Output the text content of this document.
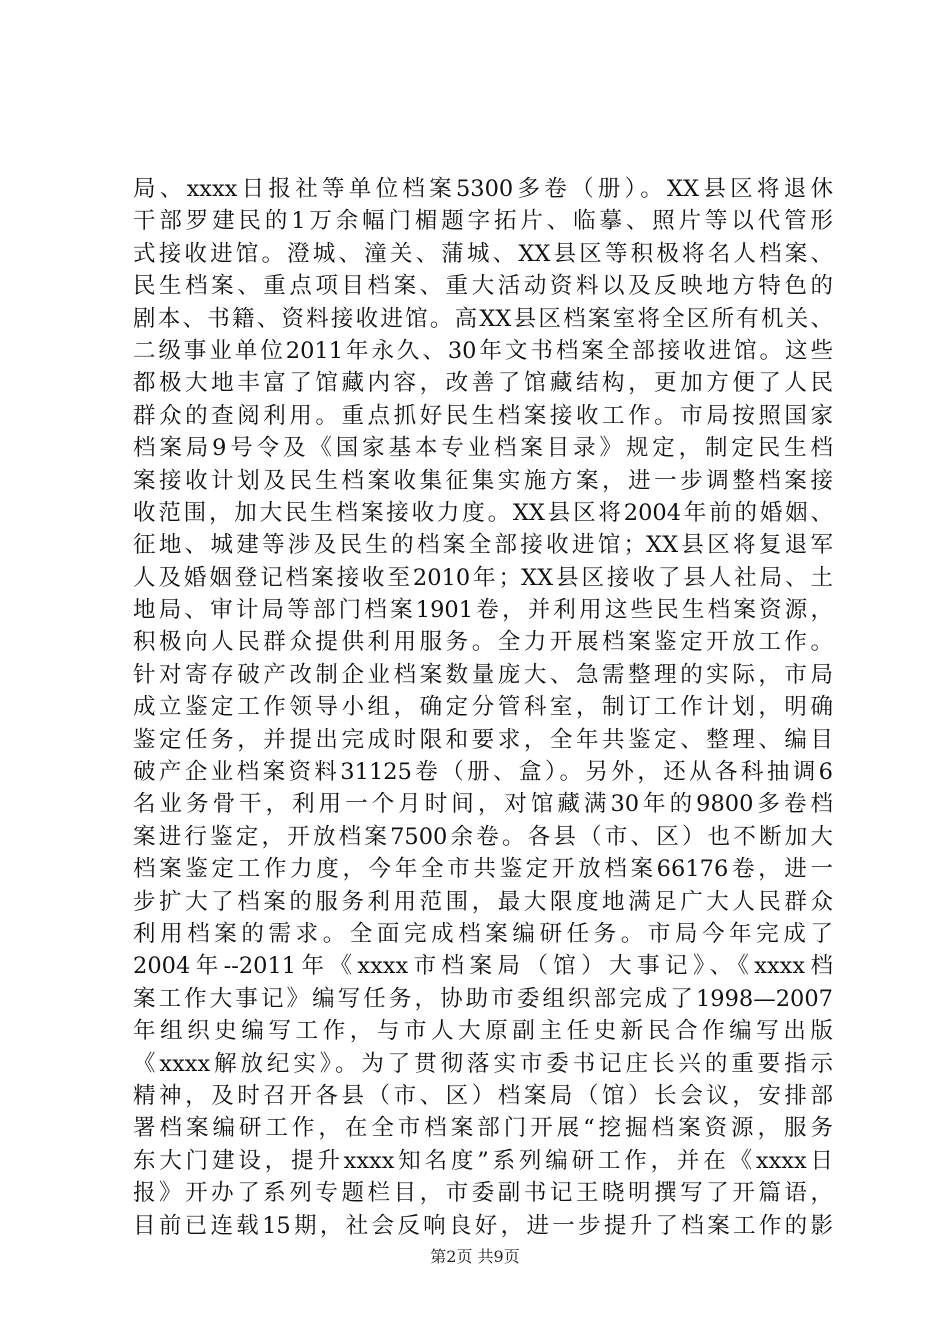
局、xxxx日报社等单位档案5300多卷（册）。XX县区将退休
干部罗建民的1万余幅门楣题字拓片、临摹、照片等以代管形
式接收进馆。澄城、潼关、蒲城、XX县区等积极将名人档案、
民生档案、重点项目档案、重大活动资料以及反映地方特色的
剧本、书籍、资料接收进馆。高XX县区档案室将全区所有机关、
二级事业单位2011年永久、30年文书档案全部接收进馆。这些
都极大地丰富了馆藏内容，改善了馆藏结构，更加方便了人民
群众的查阅利用。重点抓好民生档案接收工作。市局按照国家
档案局9号令及《国家基本专业档案目录》规定，制定民生档
案接收计划及民生档案收集征集实施方案，进一步调整档案接
收范围，加大民生档案接收力度。XX县区将2004年前的婚姻、
征地、城建等涉及民生的档案全部接收进馆；XX县区将复退军
人及婚姻登记档案接收至2010年；XX县区接收了县人社局、土
地局、审计局等部门档案1901卷，并利用这些民生档案资源，
积极向人民群众提供利用服务。全力开展档案鉴定开放工作。
针对寄存破产改制企业档案数量庞大、急需整理的实际，市局
成立鉴定工作领导小组，确定分管科室，制订工作计划，明确
鉴定任务，并提出完成时限和要求，全年共鉴定、整理、编目
破产企业档案资料31125卷（册、盒）。另外，还从各科抽调6
名业务骨干，利用一个月时间，对馆藏满30年的9800多卷档
案进行鉴定，开放档案7500余卷。各县（市、区）也不断加大
档案鉴定工作力度，今年全市共鉴定开放档案66176卷，进一
步扩大了档案的服务利用范围，最大限度地满足广大人民群众
利用档案的需求。全面完成档案编研任务。市局今年完成了
2004年--2011年《xxxx市档案局（馆）大事记》、《xxxx档
案工作大事记》编写任务，协助市委组织部完成了1998—2007
年组织史编写工作，与市人大原副主任史新民合作编写出版
《xxxx解放纪实》。为了贯彻落实市委书记庄长兴的重要指示
精神，及时召开各县（市、区）档案局（馆）长会议，安排部
署档案编研工作，在全市档案部门开展“挖掘档案资源，服务
东大门建设，提升xxxx知名度”系列编研工作，并在《xxxx日
报》开办了系列专题栏目，市委副书记王晓明撰写了开篇语，
目前已连载15期，社会反响良好，进一步提升了档案工作的影
第2页 共9页
